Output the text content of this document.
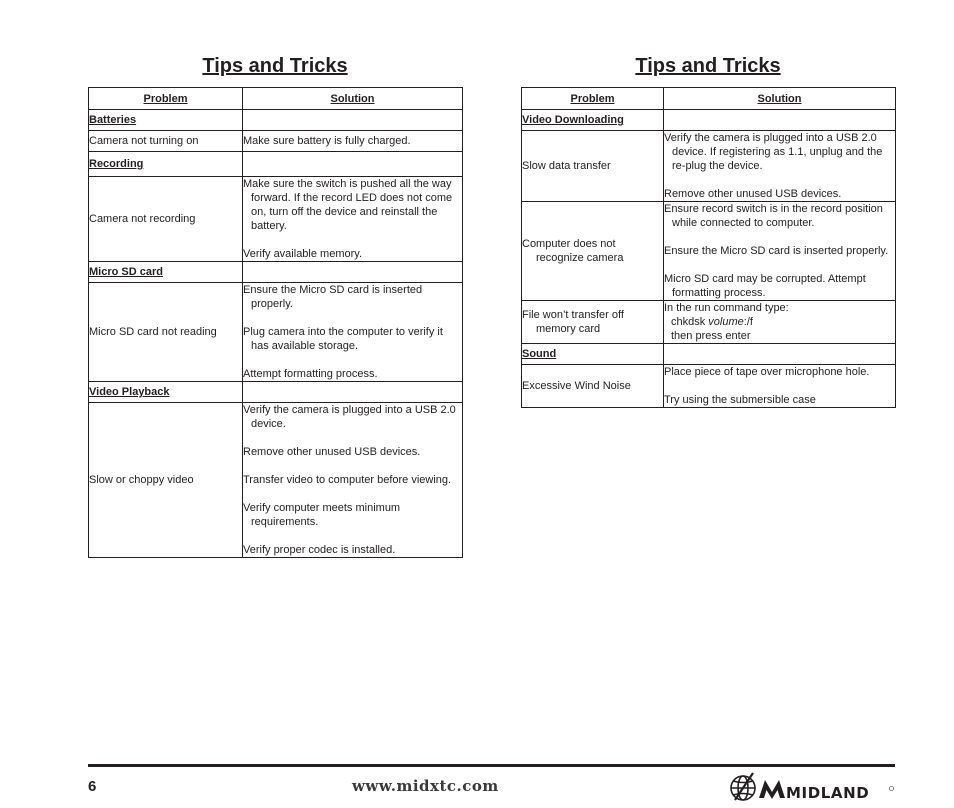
Tips and Tricks
Problem	Solution
Batteries	
Camera not turning on	Make sure battery is fully charged.

Recording	
Camera not recording	Make sure the switch is pushed all the way forward. If the record LED does not come on, turn off the device and reinstall the battery.
Verify available memory.

Micro SD card	
Micro SD card not reading	Ensure the Micro SD card is inserted properly.
Plug camera into the computer to verify it has available storage.
Attempt formatting process.

Video Playback	
Slow or choppy video	Verify the camera is plugged into a USB 2.0 device.
Remove other unused USB devices.
Transfer video to computer before viewing.
Verify computer meets minimum requirements.
Verify proper codec is installed.
Tips and Tricks
Problem	Solution
Video Downloading	
Slow data transfer	Verify the camera is plugged into a USB 2.0 device. If registering as 1.1, unplug and the re-plug the device.
Remove other unused USB devices.

Computer does not recognize camera	Ensure record switch is in the record position while connected to computer.
Ensure the Micro SD card is inserted properly.
Micro SD card may be corrupted. Attempt formatting process.

File won’t transfer off memory card	In the run command type:
chkdsk volume:/f
then press enter

Sound	
Excessive Wind Noise	Place piece of tape over microphone hole.
Try using the submersible case
6	www.midxtc.com	MIDLAND
